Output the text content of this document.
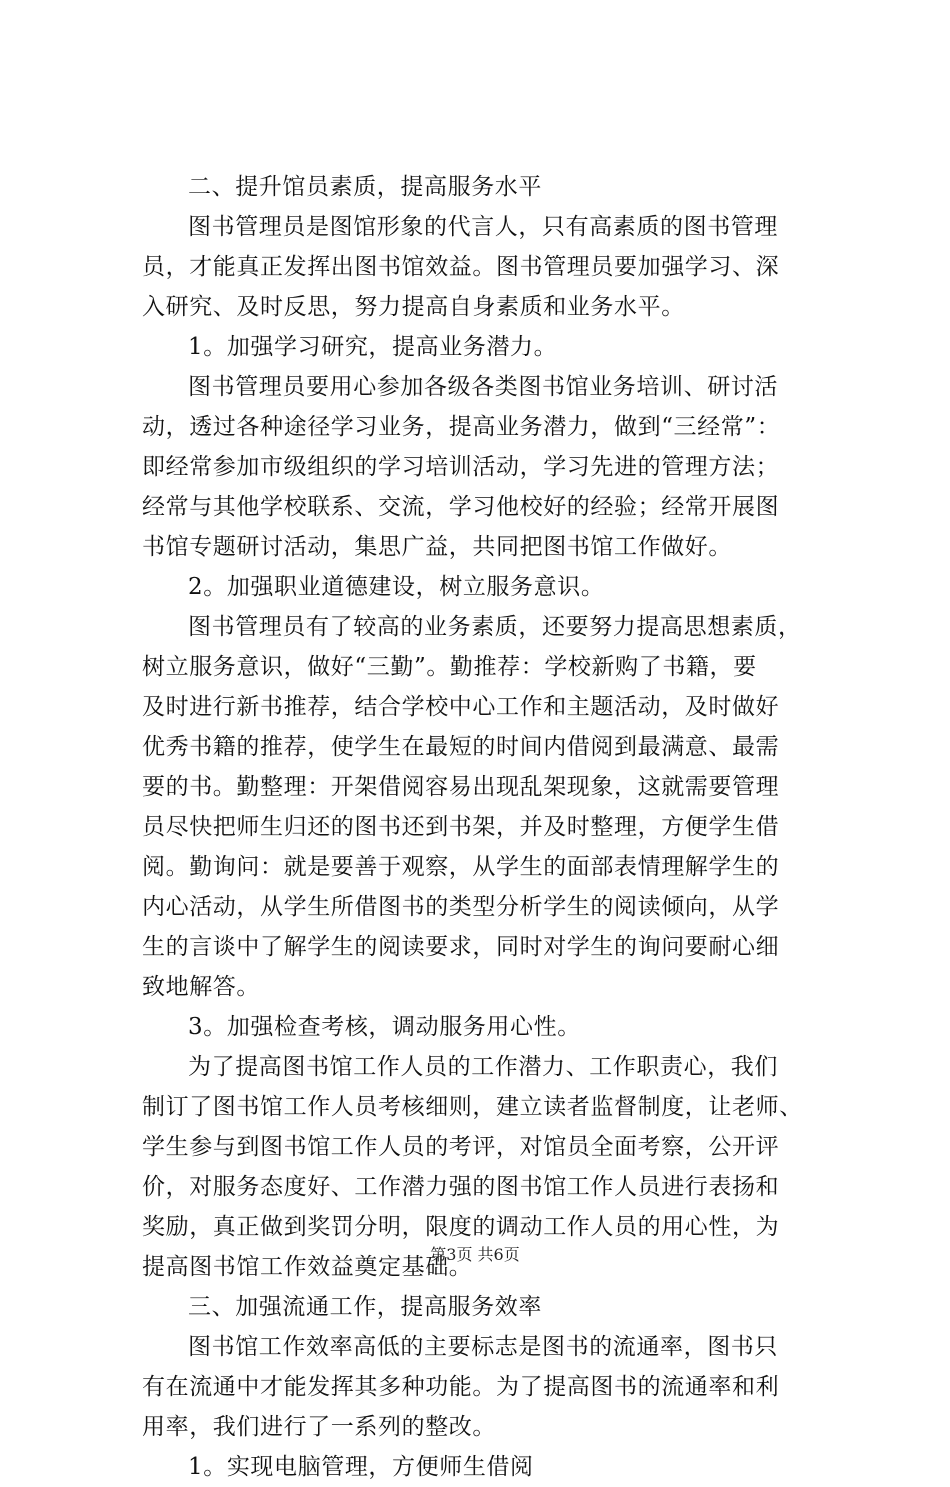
二、提升馆员素质，提高服务水平
图书管理员是图馆形象的代言人，只有高素质的图书管理
员，才能真正发挥出图书馆效益。图书管理员要加强学习、深
入研究、及时反思，努力提高自身素质和业务水平。
1。加强学习研究，提高业务潜力。
图书管理员要用心参加各级各类图书馆业务培训、研讨活
动，透过各种途径学习业务，提高业务潜力，做到“三经常”：
即经常参加市级组织的学习培训活动，学习先进的管理方法；
经常与其他学校联系、交流，学习他校好的经验；经常开展图
书馆专题研讨活动，集思广益，共同把图书馆工作做好。
2。加强职业道德建设，树立服务意识。
图书管理员有了较高的业务素质，还要努力提高思想素质，
树立服务意识，做好“三勤”。勤推荐：学校新购了书籍，要
及时进行新书推荐，结合学校中心工作和主题活动，及时做好
优秀书籍的推荐，使学生在最短的时间内借阅到最满意、最需
要的书。勤整理：开架借阅容易出现乱架现象，这就需要管理
员尽快把师生归还的图书还到书架，并及时整理，方便学生借
阅。勤询问：就是要善于观察，从学生的面部表情理解学生的
内心活动，从学生所借图书的类型分析学生的阅读倾向，从学
生的言谈中了解学生的阅读要求，同时对学生的询问要耐心细
致地解答。
3。加强检查考核，调动服务用心性。
为了提高图书馆工作人员的工作潜力、工作职责心，我们
制订了图书馆工作人员考核细则，建立读者监督制度，让老师、
学生参与到图书馆工作人员的考评，对馆员全面考察，公开评
价，对服务态度好、工作潜力强的图书馆工作人员进行表扬和
奖励，真正做到奖罚分明，限度的调动工作人员的用心性，为
提高图书馆工作效益奠定基础。
三、加强流通工作，提高服务效率
图书馆工作效率高低的主要标志是图书的流通率，图书只
有在流通中才能发挥其多种功能。为了提高图书的流通率和利
用率，我们进行了一系列的整改。
1。实现电脑管理，方便师生借阅
第3页 共6页
